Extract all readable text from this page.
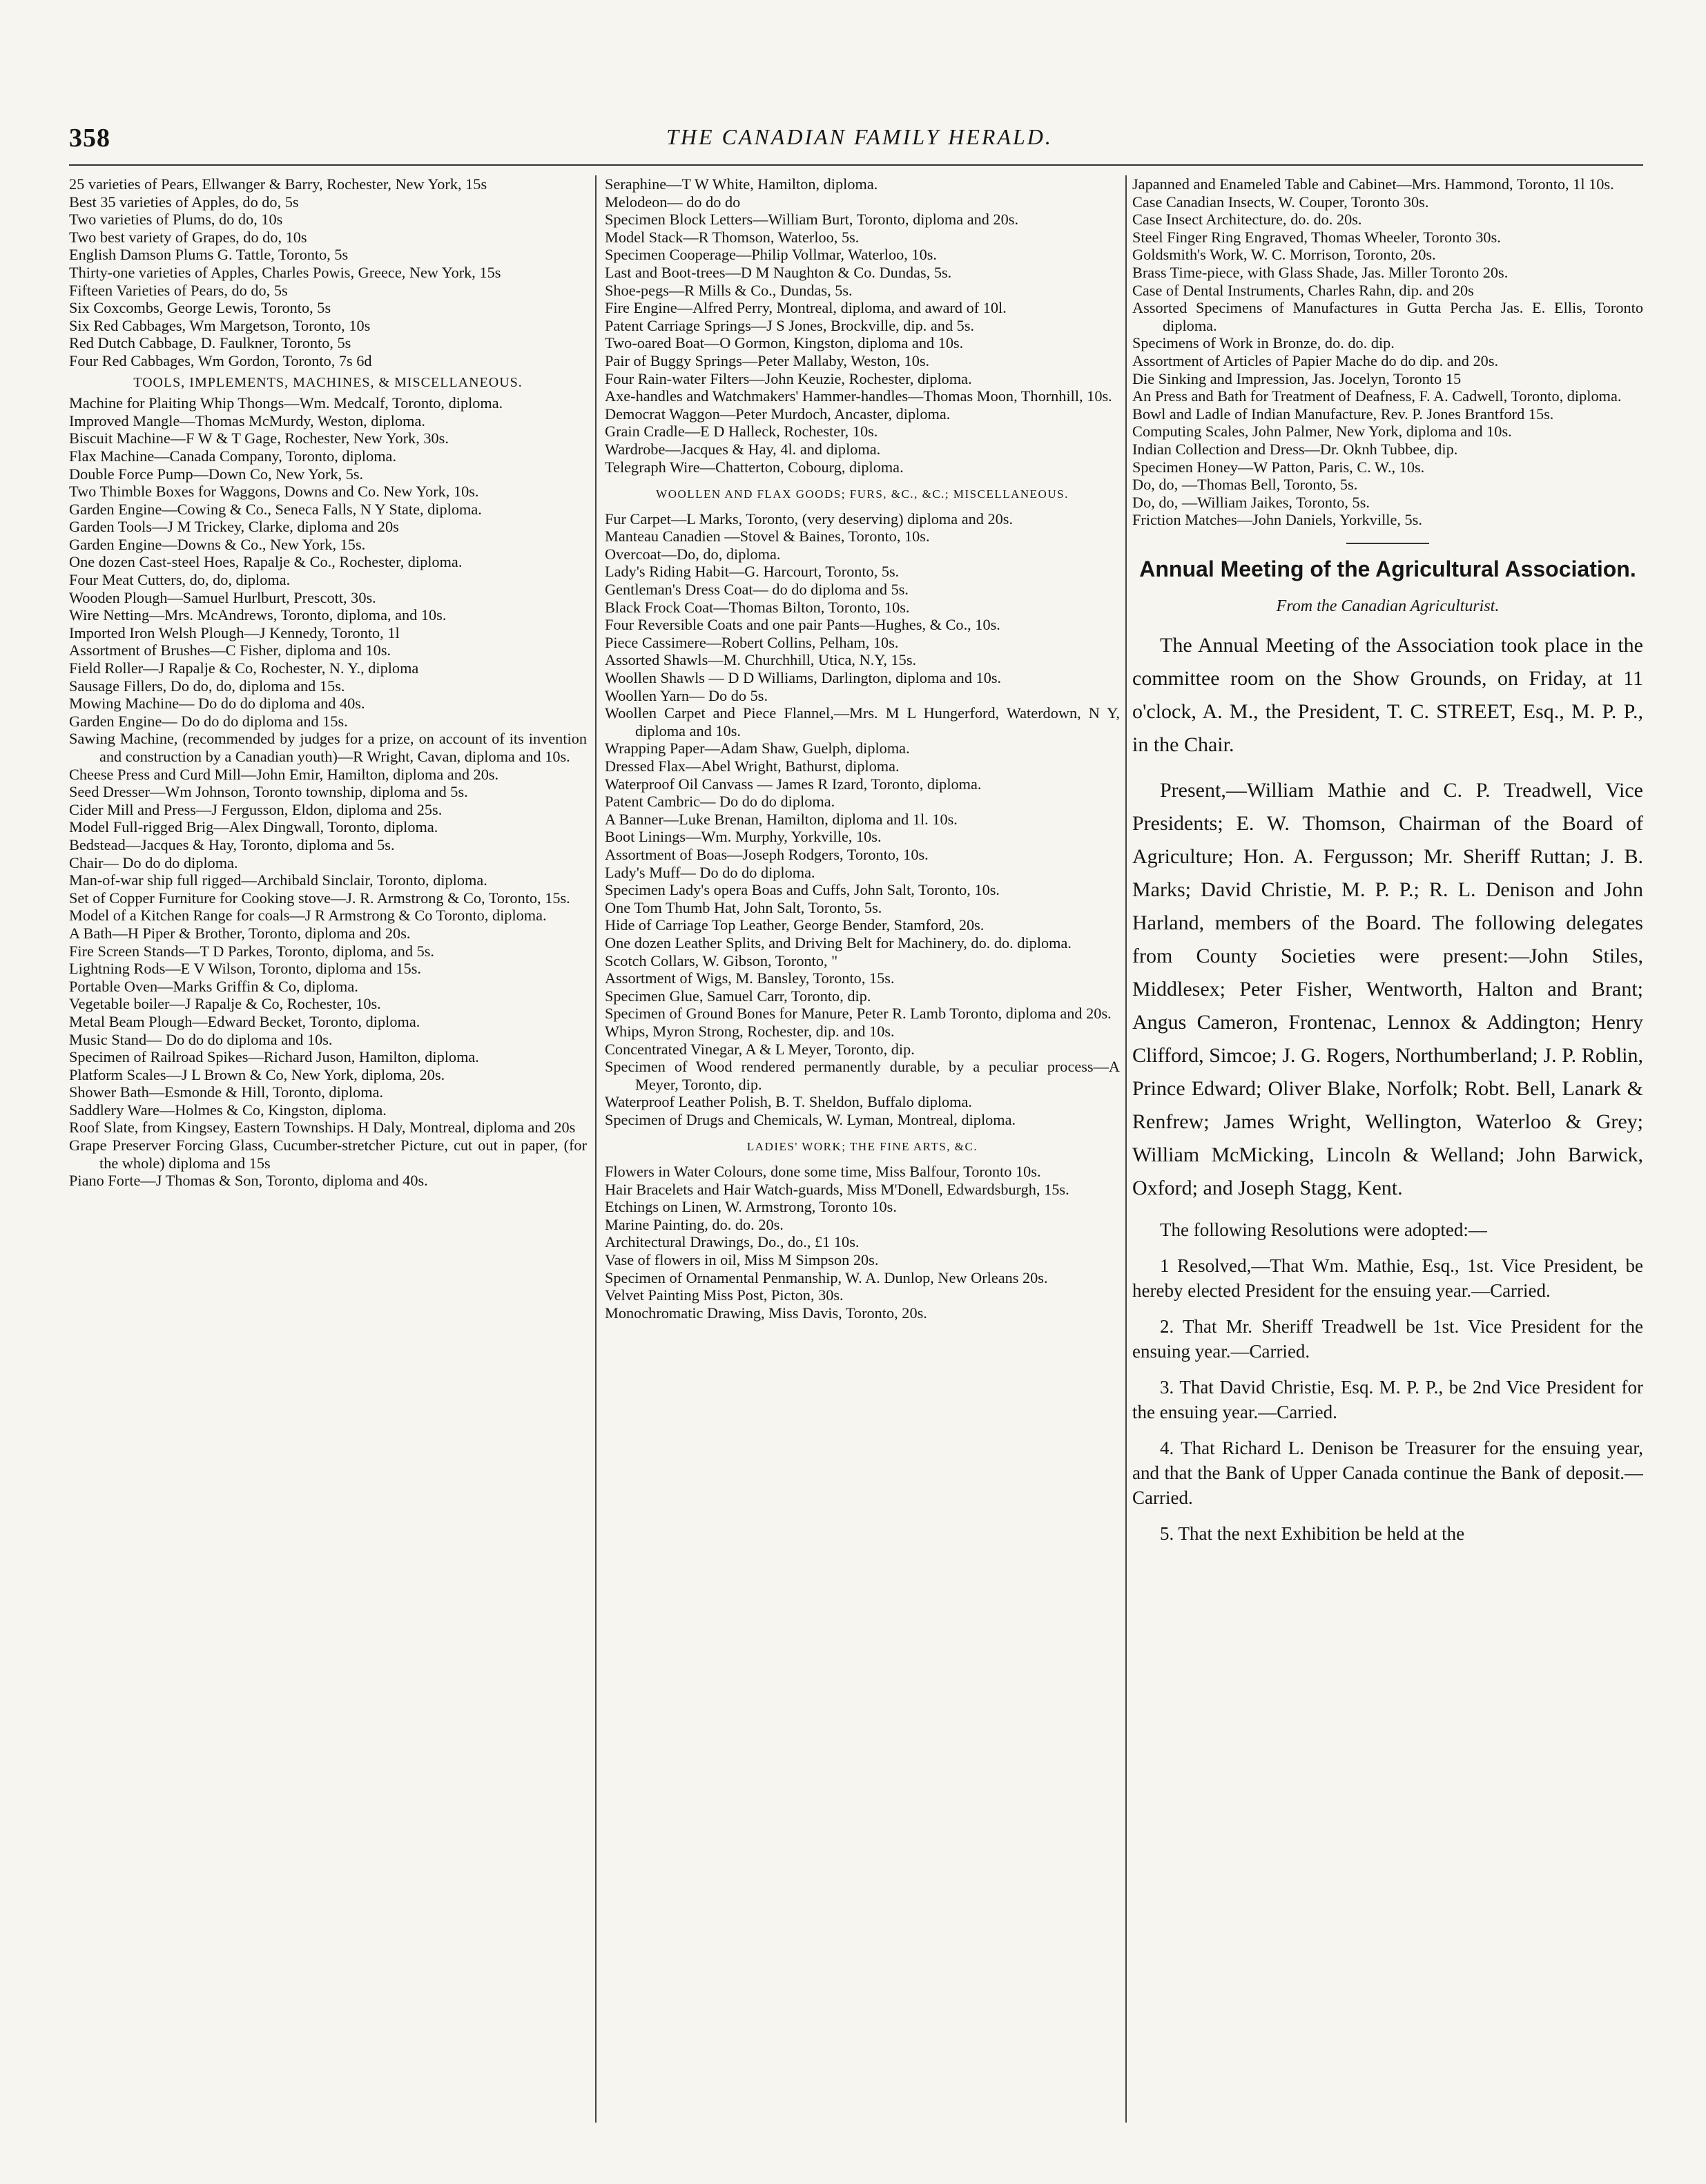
358	THE CANADIAN FAMILY HERALD.

25 varieties of Pears, Ellwanger & Barry, Rochester, New York, 15s

Best 35 varieties of Apples, do do, 5s

Two varieties of Plums, do do, 10s

Two best variety of Grapes, do do, 10s

English Damson Plums G. Tattle, Toronto, 5s

Thirty-one varieties of Apples, Charles Powis, Greece, New York, 15s

Fifteen Varieties of Pears, do do, 5s

Six Coxcombs, George Lewis, Toronto, 5s

Six Red Cabbages, Wm Margetson, Toronto, 10s

Red Dutch Cabbage, D. Faulkner, Toronto, 5s

Four Red Cabbages, Wm Gordon, Toronto, 7s 6d

TOOLS, IMPLEMENTS, MACHINES, & MISCELLANEOUS.

Machine for Plaiting Whip Thongs—Wm. Medcalf, Toronto, diploma.

Improved Mangle—Thomas McMurdy, Weston, diploma.

Biscuit Machine—F W & T Gage, Rochester, New York, 30s.

Flax Machine—Canada Company, Toronto, diploma.

Double Force Pump—Down Co, New York, 5s.

Two Thimble Boxes for Waggons, Downs and Co. New York, 10s.

Garden Engine—Cowing & Co., Seneca Falls, N Y State, diploma.

Garden Tools—J M Trickey, Clarke, diploma and 20s

Garden Engine—Downs & Co., New York, 15s.

One dozen Cast-steel Hoes, Rapalje & Co., Rochester, diploma.

Four Meat Cutters, do, do, diploma.

Wooden Plough—Samuel Hurlburt, Prescott, 30s.

Wire Netting—Mrs. McAndrews, Toronto, diploma, and 10s.

Imported Iron Welsh Plough—J Kennedy, Toronto, 1l

Assortment of Brushes—C Fisher, diploma and 10s.

Field Roller—J Rapalje & Co, Rochester, N. Y., diploma

Sausage Fillers, Do do, do, diploma and 15s.

Mowing Machine— Do do do diploma and 40s.

Garden Engine— Do do do diploma and 15s.

Sawing Machine, (recommended by judges for a prize, on account of its invention and construction by a Canadian youth)—R Wright, Cavan, diploma and 10s.

Cheese Press and Curd Mill—John Emir, Hamilton, diploma and 20s.

Seed Dresser—Wm Johnson, Toronto township, diploma and 5s.

Cider Mill and Press—J Fergusson, Eldon, diploma and 25s.

Model Full-rigged Brig—Alex Dingwall, Toronto, diploma.

Bedstead—Jacques & Hay, Toronto, diploma and 5s.

Chair— Do do do diploma.

Man-of-war ship full rigged—Archibald Sinclair, Toronto, diploma.

Set of Copper Furniture for Cooking stove—J. R. Armstrong & Co, Toronto, 15s.

Model of a Kitchen Range for coals—J R Armstrong & Co Toronto, diploma.

A Bath—H Piper & Brother, Toronto, diploma and 20s.

Fire Screen Stands—T D Parkes, Toronto, diploma, and 5s.

Lightning Rods—E V Wilson, Toronto, diploma and 15s.

Portable Oven—Marks Griffin & Co, diploma.

Vegetable boiler—J Rapalje & Co, Rochester, 10s.

Metal Beam Plough—Edward Becket, Toronto, diploma.

Music Stand— Do do do diploma and 10s.

Specimen of Railroad Spikes—Richard Juson, Hamilton, diploma.

Platform Scales—J L Brown & Co, New York, diploma, 20s.

Shower Bath—Esmonde & Hill, Toronto, diploma.

Saddlery Ware—Holmes & Co, Kingston, diploma.

Roof Slate, from Kingsey, Eastern Townships. H Daly, Montreal, diploma and 20s

Grape Preserver Forcing Glass, Cucumber-stretcher Picture, cut out in paper, (for the whole) diploma and 15s

Piano Forte—J Thomas & Son, Toronto, diploma and 40s.

Seraphine—T W White, Hamilton, diploma.

Melodeon— do do do

Specimen Block Letters—William Burt, Toronto, diploma and 20s.

Model Stack—R Thomson, Waterloo, 5s.

Specimen Cooperage—Philip Vollmar, Waterloo, 10s.

Last and Boot-trees—D M Naughton & Co. Dundas, 5s.

Shoe-pegs—R Mills & Co., Dundas, 5s.

Fire Engine—Alfred Perry, Montreal, diploma, and award of 10l.

Patent Carriage Springs—J S Jones, Brockville, dip. and 5s.

Two-oared Boat—O Gormon, Kingston, diploma and 10s.

Pair of Buggy Springs—Peter Mallaby, Weston, 10s.

Four Rain-water Filters—John Keuzie, Rochester, diploma.

Axe-handles and Watchmakers' Hammer-handles—Thomas Moon, Thornhill, 10s.

Democrat Waggon—Peter Murdoch, Ancaster, diploma.

Grain Cradle—E D Halleck, Rochester, 10s.

Wardrobe—Jacques & Hay, 4l. and diploma.

Telegraph Wire—Chatterton, Cobourg, diploma.

WOOLLEN AND FLAX GOODS; FURS, &C., &C.; MISCELLANEOUS.

Fur Carpet—L Marks, Toronto, (very deserving) diploma and 20s.

Manteau Canadien —Stovel & Baines, Toronto, 10s.

Overcoat—Do, do, diploma.

Lady's Riding Habit—G. Harcourt, Toronto, 5s.

Gentleman's Dress Coat— do do diploma and 5s.

Black Frock Coat—Thomas Bilton, Toronto, 10s.

Four Reversible Coats and one pair Pants—Hughes, & Co., 10s.

Piece Cassimere—Robert Collins, Pelham, 10s.

Assorted Shawls—M. Churchhill, Utica, N.Y, 15s.

Woollen Shawls — D D Williams, Darlington, diploma and 10s.

Woollen Yarn— Do do 5s.

Woollen Carpet and Piece Flannel,—Mrs. M L Hungerford, Waterdown, N Y, diploma and 10s.

Wrapping Paper—Adam Shaw, Guelph, diploma.

Dressed Flax—Abel Wright, Bathurst, diploma.

Waterproof Oil Canvass — James R Izard, Toronto, diploma.

Patent Cambric— Do do do diploma.

A Banner—Luke Brenan, Hamilton, diploma and 1l. 10s.

Boot Linings—Wm. Murphy, Yorkville, 10s.

Assortment of Boas—Joseph Rodgers, Toronto, 10s.

Lady's Muff— Do do do diploma.

Specimen Lady's opera Boas and Cuffs, John Salt, Toronto, 10s.

One Tom Thumb Hat, John Salt, Toronto, 5s.

Hide of Carriage Top Leather, George Bender, Stamford, 20s.

One dozen Leather Splits, and Driving Belt for Machinery, do. do. diploma.

Scotch Collars, W. Gibson, Toronto, "

Assortment of Wigs, M. Bansley, Toronto, 15s.

Specimen Glue, Samuel Carr, Toronto, dip.

Specimen of Ground Bones for Manure, Peter R. Lamb Toronto, diploma and 20s.

Whips, Myron Strong, Rochester, dip. and 10s.

Concentrated Vinegar, A & L Meyer, Toronto, dip.

Specimen of Wood rendered permanently durable, by a peculiar process—A Meyer, Toronto, dip.

Waterproof Leather Polish, B. T. Sheldon, Buffalo diploma.

Specimen of Drugs and Chemicals, W. Lyman, Montreal, diploma.

LADIES' WORK; THE FINE ARTS, &C.

Flowers in Water Colours, done some time, Miss Balfour, Toronto 10s.

Hair Bracelets and Hair Watch-guards, Miss M'Donell, Edwardsburgh, 15s.

Etchings on Linen, W. Armstrong, Toronto 10s.

Marine Painting, do. do. 20s.

Architectural Drawings, Do., do., £1 10s.

Vase of flowers in oil, Miss M Simpson 20s.

Specimen of Ornamental Penmanship, W. A. Dunlop, New Orleans 20s.

Velvet Painting Miss Post, Picton, 30s.

Monochromatic Drawing, Miss Davis, Toronto, 20s.

Japanned and Enameled Table and Cabinet—Mrs. Hammond, Toronto, 1l 10s.

Case Canadian Insects, W. Couper, Toronto 30s.

Case Insect Architecture, do. do. 20s.

Steel Finger Ring Engraved, Thomas Wheeler, Toronto 30s.

Goldsmith's Work, W. C. Morrison, Toronto, 20s.

Brass Time-piece, with Glass Shade, Jas. Miller Toronto 20s.

Case of Dental Instruments, Charles Rahn, dip. and 20s

Assorted Specimens of Manufactures in Gutta Percha Jas. E. Ellis, Toronto diploma.

Specimens of Work in Bronze, do. do. dip.

Assortment of Articles of Papier Mache do do dip. and 20s.

Die Sinking and Impression, Jas. Jocelyn, Toronto 15

An Press and Bath for Treatment of Deafness, F. A. Cadwell, Toronto, diploma.

Bowl and Ladle of Indian Manufacture, Rev. P. Jones Brantford 15s.

Computing Scales, John Palmer, New York, diploma and 10s.

Indian Collection and Dress—Dr. Oknh Tubbee, dip.

Specimen Honey—W Patton, Paris, C. W., 10s.

Do, do, —Thomas Bell, Toronto, 5s.

Do, do, —William Jaikes, Toronto, 5s.

Friction Matches—John Daniels, Yorkville, 5s.

Annual Meeting of the Agricultural Association.
From the Canadian Agriculturist.

The Annual Meeting of the Association took place in the committee room on the Show Grounds, on Friday, at 11 o'clock, A. M., the President, T. C. STREET, Esq., M. P. P., in the Chair.

Present,—William Mathie and C. P. Treadwell, Vice Presidents; E. W. Thomson, Chairman of the Board of Agriculture; Hon. A. Fergusson; Mr. Sheriff Ruttan; J. B. Marks; David Christie, M. P. P.; R. L. Denison and John Harland, members of the Board. The following delegates from County Societies were present:—John Stiles, Middlesex; Peter Fisher, Wentworth, Halton and Brant; Angus Cameron, Frontenac, Lennox & Addington; Henry Clifford, Simcoe; J. G. Rogers, Northumberland; J. P. Roblin, Prince Edward; Oliver Blake, Norfolk; Robt. Bell, Lanark & Renfrew; James Wright, Wellington, Waterloo & Grey; William McMicking, Lincoln & Welland; John Barwick, Oxford; and Joseph Stagg, Kent.

The following Resolutions were adopted:—

1 Resolved,—That Wm. Mathie, Esq., 1st. Vice President, be hereby elected President for the ensuing year.—Carried.

2. That Mr. Sheriff Treadwell be 1st. Vice President for the ensuing year.—Carried.

3. That David Christie, Esq. M. P. P., be 2nd Vice President for the ensuing year.—Carried.

4. That Richard L. Denison be Treasurer for the ensuing year, and that the Bank of Upper Canada continue the Bank of deposit.—Carried.

5. That the next Exhibition be held at the
